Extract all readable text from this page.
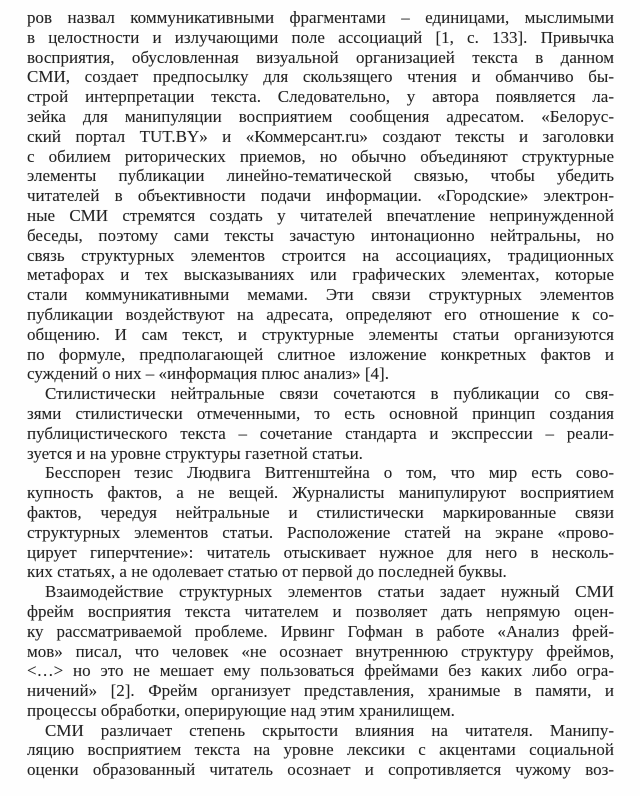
ров назвал коммуникативными фрагментами – единицами, мыслимыми
в целостности и излучающими поле ассоциаций [1, с. 133]. Привычка
восприятия, обусловленная визуальной организацией текста в данном
СМИ, создает предпосылку для скользящего чтения и обманчиво бы-
строй интерпретации текста. Следовательно, у автора появляется ла-
зейка для манипуляции восприятием сообщения адресатом. «Белорус-
ский портал TUT.BY» и «Коммерсант.ru» создают тексты и заголовки
с обилием риторических приемов, но обычно объединяют структурные
элементы публикации линейно-тематической связью, чтобы убедить
читателей в объективности подачи информации. «Городские» электрон-
ные СМИ стремятся создать у читателей впечатление непринужденной
беседы, поэтому сами тексты зачастую интонационно нейтральны, но
связь структурных элементов строится на ассоциациях, традиционных
метафорах и тех высказываниях или графических элементах, которые
стали коммуникативными мемами. Эти связи структурных элементов
публикации воздействуют на адресата, определяют его отношение к со-
общению. И сам текст, и структурные элементы статьи организуются
по формуле, предполагающей слитное изложение конкретных фактов и
суждений о них – «информация плюс анализ» [4].
Стилистически нейтральные связи сочетаются в публикации со свя-
зями стилистически отмеченными, то есть основной принцип создания
публицистического текста – сочетание стандарта и экспрессии – реали-
зуется и на уровне структуры газетной статьи.
Бесспорен тезис Людвига Витгенштейна о том, что мир есть сово-
купность фактов, а не вещей. Журналисты манипулируют восприятием
фактов, чередуя нейтральные и стилистически маркированные связи
структурных элементов статьи. Расположение статей на экране «прово-
цирует гиперчтение»: читатель отыскивает нужное для него в несколь-
ких статьях, а не одолевает статью от первой до последней буквы.
Взаимодействие структурных элементов статьи задает нужный СМИ
фрейм восприятия текста читателем и позволяет дать непрямую оцен-
ку рассматриваемой проблеме. Ирвинг Гофман в работе «Анализ фрей-
мов» писал, что человек «не осознает внутреннюю структуру фреймов,
<…> но это не мешает ему пользоваться фреймами без каких либо огра-
ничений» [2]. Фрейм организует представления, хранимые в памяти, и
процессы обработки, оперирующие над этим хранилищем.
СМИ различает степень скрытости влияния на читателя. Манипу-
ляцию восприятием текста на уровне лексики с акцентами социальной
оценки образованный читатель осознает и сопротивляется чужому воз-
